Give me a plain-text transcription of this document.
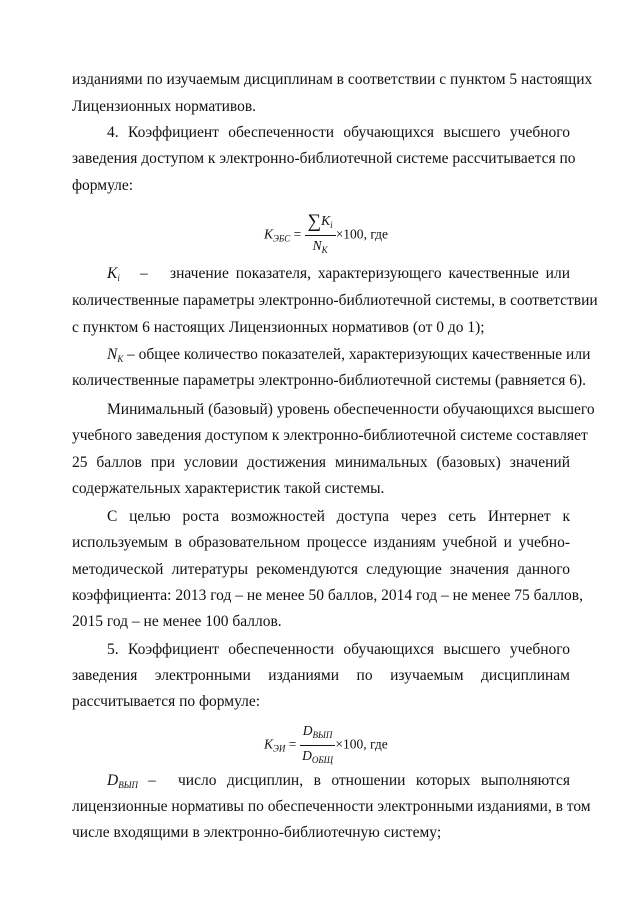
изданиями по изучаемым дисциплинам в соответствии с пунктом 5 настоящих
Лицензионных нормативов.
4. Коэффициент обеспеченности обучающихся высшего учебного
заведения доступом к электронно-библиотечной системе рассчитывается по
формуле:
$K_{ЭБС} = \frac{\sum K_i}{N_K} \times 100$, где
$K_i$ – значение показателя, характеризующего качественные или
количественные параметры электронно-библиотечной системы, в соответствии
с пунктом 6 настоящих Лицензионных нормативов (от 0 до 1);
$N_K$ – общее количество показателей, характеризующих качественные или
количественные параметры электронно-библиотечной системы (равняется 6).
Минимальный (базовый) уровень обеспеченности обучающихся высшего
учебного заведения доступом к электронно-библиотечной системе составляет
25 баллов при условии достижения минимальных (базовых) значений
содержательных характеристик такой системы.
С целью роста возможностей доступа через сеть Интернет к
используемым в образовательном процессе изданиям учебной и учебно-
методической литературы рекомендуются следующие значения данного
коэффициента: 2013 год – не менее 50 баллов, 2014 год – не менее 75 баллов,
2015 год – не менее 100 баллов.
5. Коэффициент обеспеченности обучающихся высшего учебного
заведения электронными изданиями по изучаемым дисциплинам
рассчитывается по формуле:
$K_{ЭИ} = \frac{D_{ВЫП}}{D_{ОБЩ}} \times 100$, где
$D_{ВЫП}$ – число дисциплин, в отношении которых выполняются
лицензионные нормативы по обеспеченности электронными изданиями, в том
числе входящими в электронно-библиотечную систему;
